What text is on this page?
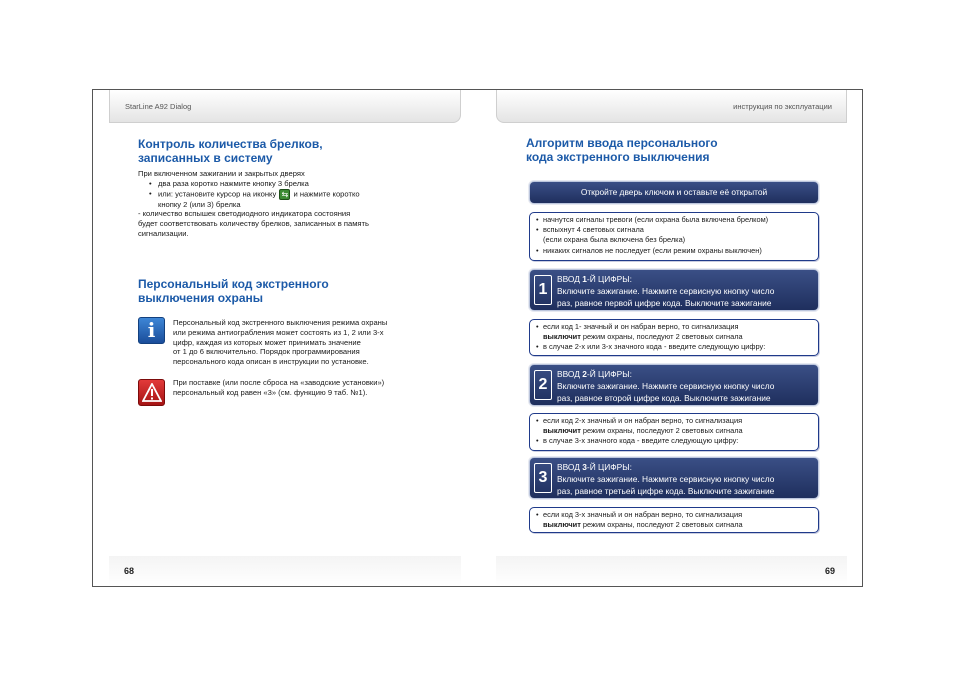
StarLine A92 Dialog
Контроль количества брелков,
записанных в систему
При включенном зажигании и закрытых дверях
• два раза коротко нажмите кнопку 3 брелка
• или: установите курсор на иконку ⇆ и нажмите коротко
кнопку 2 (или 3) брелка
- количество вспышек светодиодного индикатора состояния
будет соответствовать количеству брелков, записанных в память
сигнализации.
Персональный код экстренного
выключения охраны
i	Персональный код экстренного выключения режима охраны
или режима антиограбления может состоять из 1, 2 или 3-х
цифр, каждая из которых может принимать значение
от 1 до 6 включительно. Порядок программирования
персонального кода описан в инструкции по установке.
При поставке (или после сброса на «заводские установки»)
персональный код равен «3» (см. функцию 9 таб. №1).
68
инструкция по эксплуатации
Алгоритм ввода персонального
кода экстренного выключения
Откройте дверь ключом и оставьте её открытой
• начнутся сигналы тревоги (если охрана была включена брелком)
• вспыхнут 4 световых сигнала
(если охрана была включена без брелка)
• никаких сигналов не последует (если режим охраны выключен)
1
ВВОД 1-Й ЦИФРЫ:
Включите зажигание. Нажмите сервисную кнопку число
раз, равное первой цифре кода. Выключите зажигание
• если код 1- значный и он набран верно, то сигнализация
выключит режим охраны, последуют 2 световых сигнала
• в случае 2-х или 3-х значного кода - введите следующую цифру:
2
ВВОД 2-Й ЦИФРЫ:
Включите зажигание. Нажмите сервисную кнопку число
раз, равное второй цифре кода. Выключите зажигание
• если код 2-х значный и он набран верно, то сигнализация
выключит режим охраны, последуют 2 световых сигнала
• в случае 3-х значного кода - введите следующую цифру:
3
ВВОД 3-Й ЦИФРЫ:
Включите зажигание. Нажмите сервисную кнопку число
раз, равное третьей цифре кода. Выключите зажигание
• если код 3-х значный и он набран верно, то сигнализация
выключит режим охраны, последуют 2 световых сигнала
69
